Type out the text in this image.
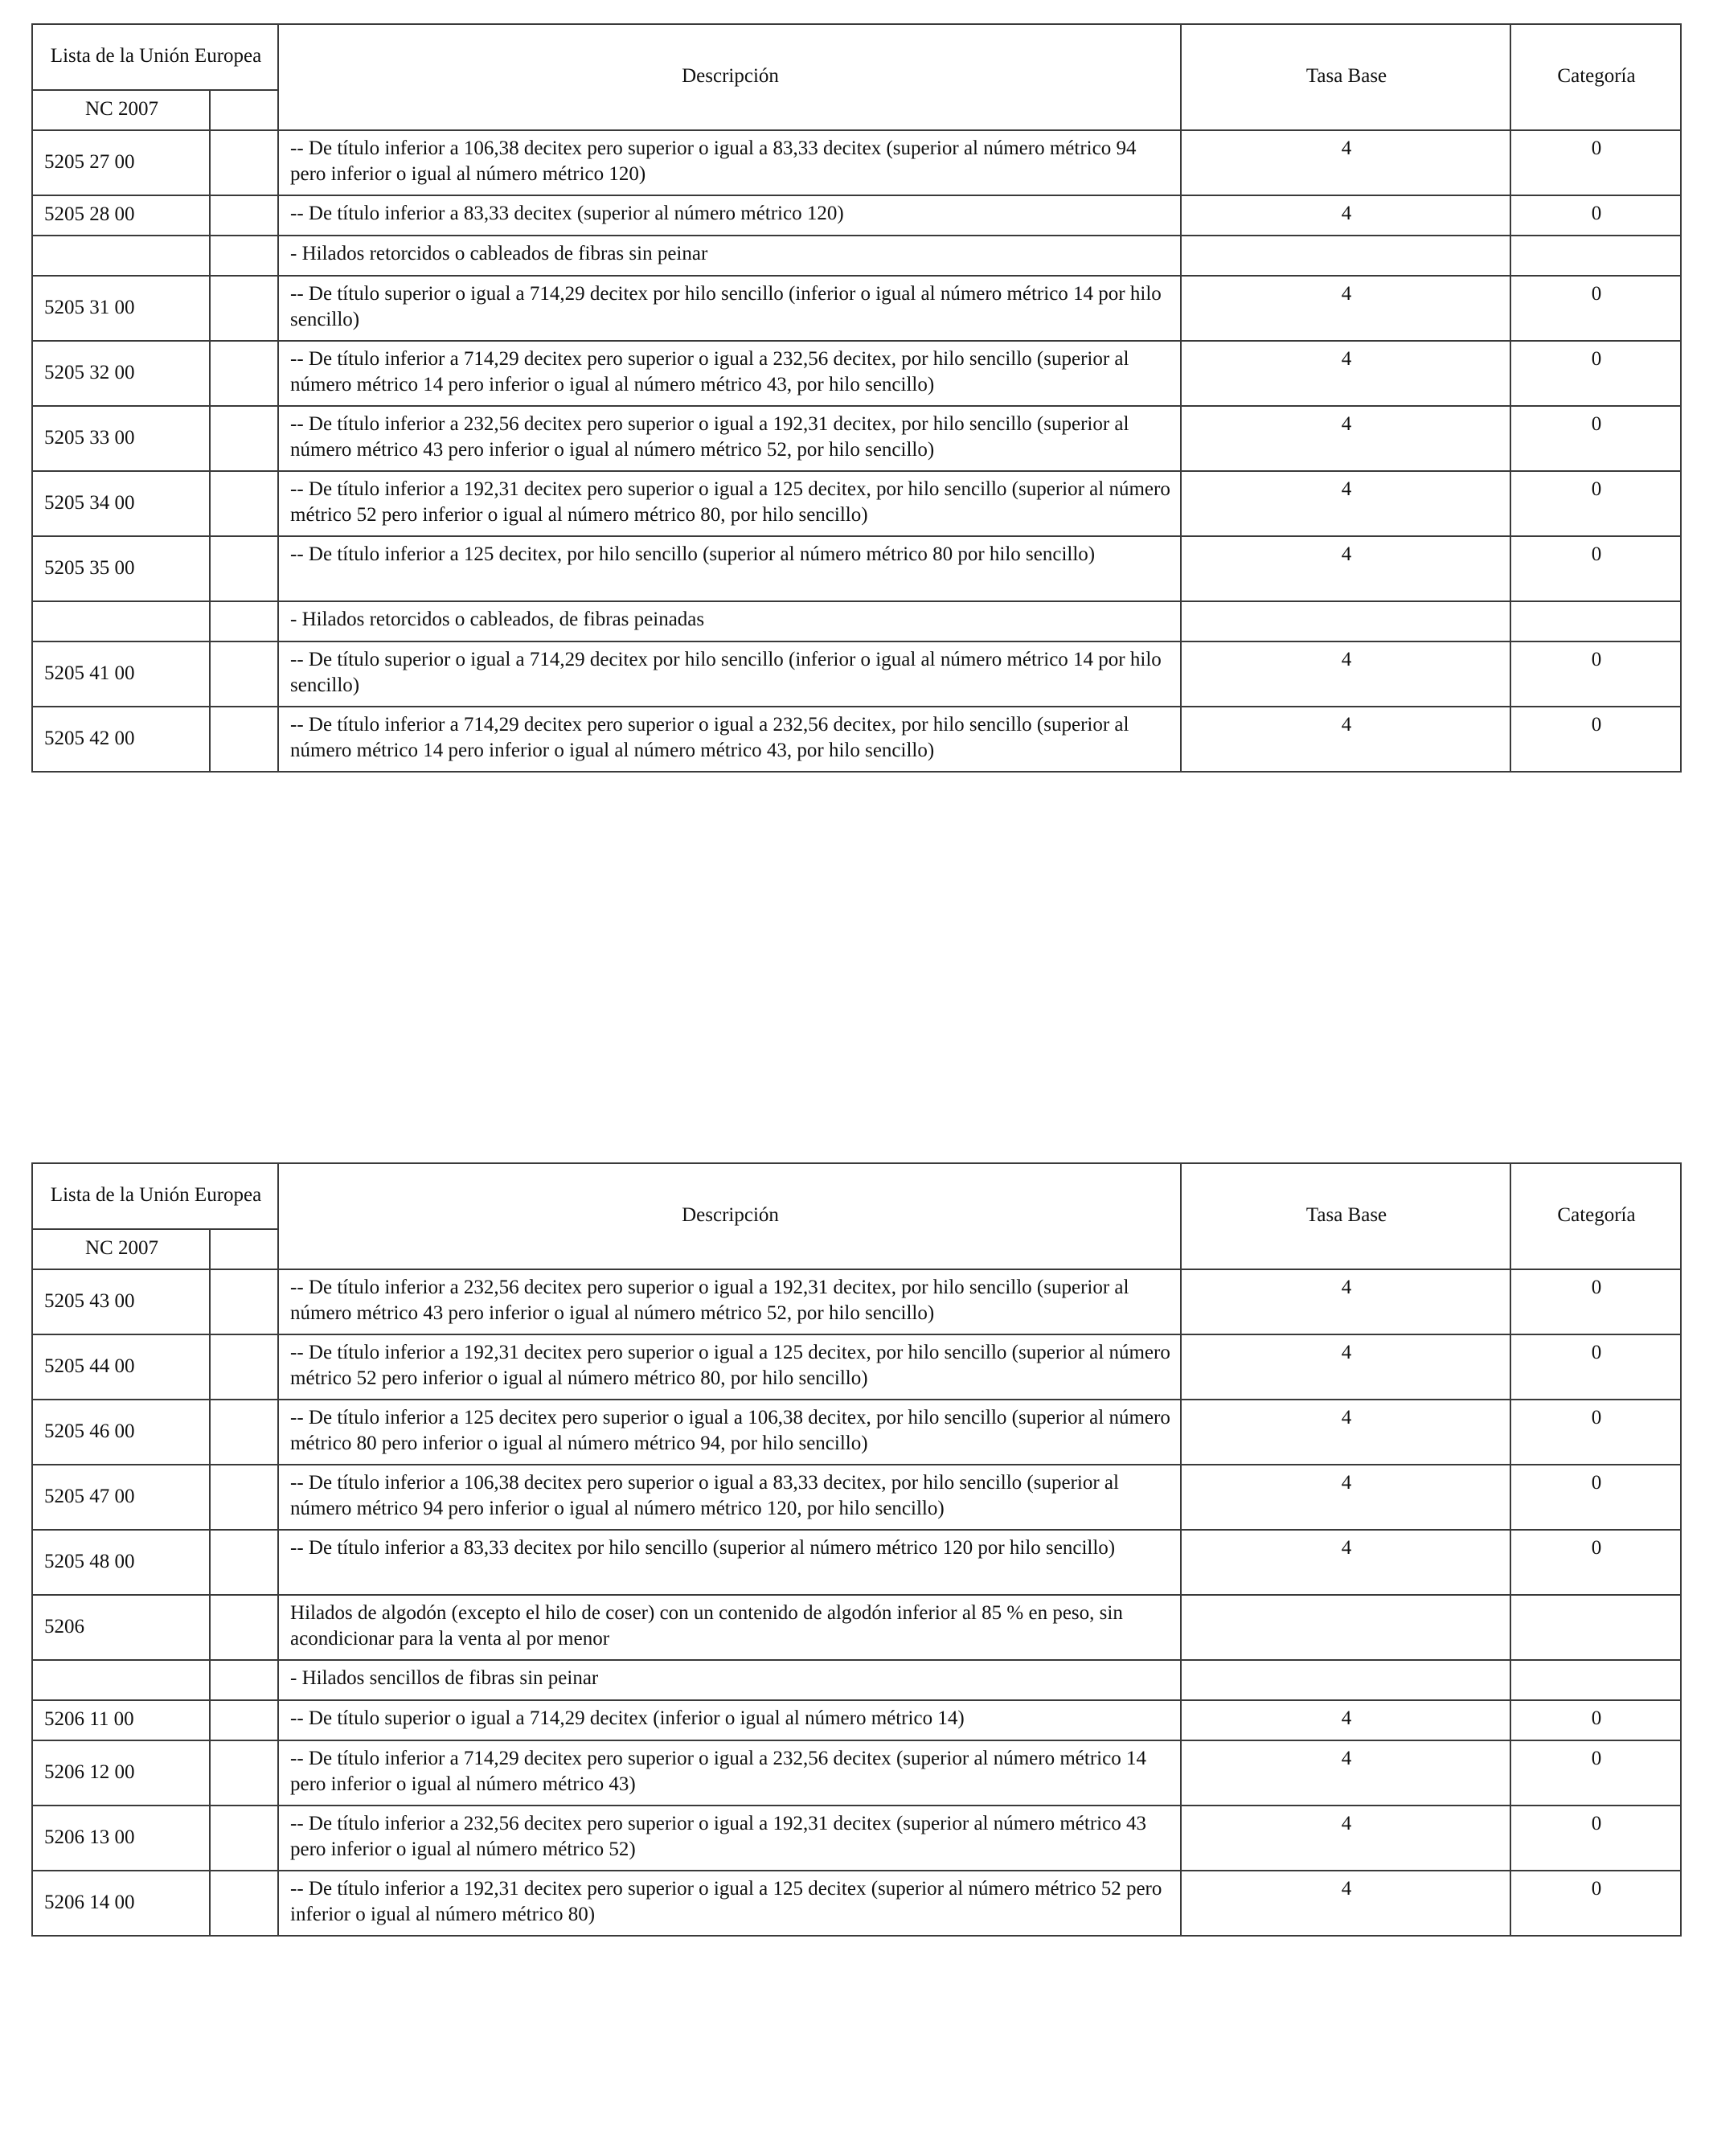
Lista de la Unión Europea		Descripción	Tasa Base	Categoría
NC 2007				
5205 27 00		-- De título inferior a 106,38 decitex pero superior o igual a 83,33 decitex (superior al número métrico 94 pero inferior o igual al número métrico 120)	4	0
5205 28 00		-- De título inferior a 83,33 decitex (superior al número métrico 120)	4	0
		- Hilados retorcidos o cableados de fibras sin peinar		
5205 31 00		-- De título superior o igual a 714,29 decitex por hilo sencillo (inferior o igual al número métrico 14 por hilo sencillo)	4	0
5205 32 00		-- De título inferior a 714,29 decitex pero superior o igual a 232,56 decitex, por hilo sencillo (superior al número métrico 14 pero inferior o igual al número métrico 43, por hilo sencillo)	4	0
5205 33 00		-- De título inferior a 232,56 decitex pero superior o igual a 192,31 decitex, por hilo sencillo (superior al número métrico 43 pero inferior o igual al número métrico 52, por hilo sencillo)	4	0
5205 34 00		-- De título inferior a 192,31 decitex pero superior o igual a 125 decitex, por hilo sencillo (superior al número métrico 52 pero inferior o igual al número métrico 80, por hilo sencillo)	4	0
5205 35 00		-- De título inferior a 125 decitex, por hilo sencillo (superior al número métrico 80 por hilo sencillo)	4	0
		- Hilados retorcidos o cableados, de fibras peinadas		
5205 41 00		-- De título superior o igual a 714,29 decitex por hilo sencillo (inferior o igual al número métrico 14 por hilo sencillo)	4	0
5205 42 00		-- De título inferior a 714,29 decitex pero superior o igual a 232,56 decitex, por hilo sencillo (superior al número métrico 14 pero inferior o igual al número métrico 43, por hilo sencillo)	4	0
Lista de la Unión Europea		Descripción	Tasa Base	Categoría
NC 2007				
5205 43 00		-- De título inferior a 232,56 decitex pero superior o igual a 192,31 decitex, por hilo sencillo (superior al número métrico 43 pero inferior o igual al número métrico 52, por hilo sencillo)	4	0
5205 44 00		-- De título inferior a 192,31 decitex pero superior o igual a 125 decitex, por hilo sencillo (superior al número métrico 52 pero inferior o igual al número métrico 80, por hilo sencillo)	4	0
5205 46 00		-- De título inferior a 125 decitex pero superior o igual a 106,38 decitex, por hilo sencillo (superior al número métrico 80 pero inferior o igual al número métrico 94, por hilo sencillo)	4	0
5205 47 00		-- De título inferior a 106,38 decitex pero superior o igual a 83,33 decitex, por hilo sencillo (superior al número métrico 94 pero inferior o igual al número métrico 120, por hilo sencillo)	4	0
5205 48 00		-- De título inferior a 83,33 decitex por hilo sencillo (superior al número métrico 120 por hilo sencillo)	4	0
5206		Hilados de algodón (excepto el hilo de coser) con un contenido de algodón inferior al 85 % en peso, sin acondicionar para la venta al por menor		
		- Hilados sencillos de fibras sin peinar		
5206 11 00		-- De título superior o igual a 714,29 decitex (inferior o igual al número métrico 14)	4	0
5206 12 00		-- De título inferior a 714,29 decitex pero superior o igual a 232,56 decitex (superior al número métrico 14 pero inferior o igual al número métrico 43)	4	0
5206 13 00		-- De título inferior a 232,56 decitex pero superior o igual a 192,31 decitex (superior al número métrico 43 pero inferior o igual al número métrico 52)	4	0
5206 14 00		-- De título inferior a 192,31 decitex pero superior o igual a 125 decitex (superior al número métrico 52 pero inferior o igual al número métrico 80)	4	0
